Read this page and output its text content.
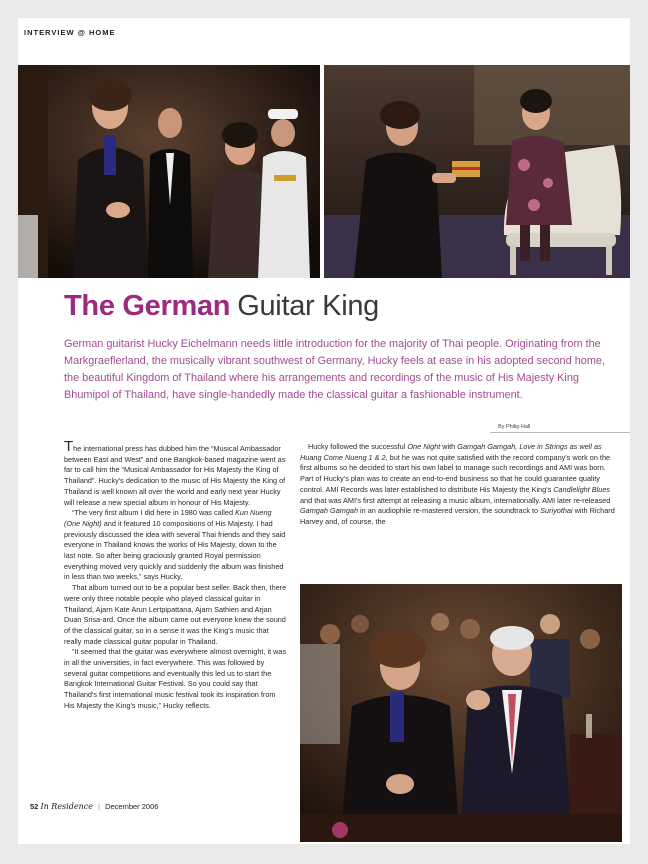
INTERVIEW @ HOME
The German Guitar King
German guitarist Hucky Eichelmann needs little introduction for the majority of Thai people. Originating from the Markgraeflerland, the musically vibrant southwest of Germany, Hucky feels at ease in his adopted second home, the beautiful Kingdom of Thailand where his arrangements and recordings of the music of His Majesty King Bhumipol of Thailand, have single-handedly made the classical guitar a fashionable instrument.
By Philip Hall

The international press has dubbed him the “Musical Ambassador between East and West” and one Bangkok-based magazine went as far to call him the “Musical Ambassador for His Majesty the King of Thailand”. Hucky's dedication to the music of His Majesty the King of Thailand is well known all over the world and early next year Hucky will release a new special album in honour of His Majesty.

“The very first album I did here in 1980 was called Kun Nueng (One Night) and it featured 10 compositions of His Majesty. I had previously discussed the idea with several Thai friends and they said everyone in Thailand knows the works of His Majesty, down to the last note. So after being graciously granted Royal permission everything moved very quickly and suddenly the album was finished in less than two weeks,” says Hucky.

That album turned out to be a popular best seller. Back then, there were only three notable people who played classical guitar in Thailand, Ajarn Kate Arun Lertpipattana, Ajarn Sathien and Arjan Duan Srisa-ard. Once the album came out everyone knew the sound of the classical guitar, so in a sense it was the King's music that really made classical guitar popular in Thailand.

“It seemed that the guitar was everywhere almost overnight, it was in all the universities, in fact everywhere. This was followed by several guitar competitions and eventually this led us to start the Bangkok International Guitar Festival. So you could say that Thailand's first international music festival took its inspiration from His Majesty the King's music,” Hucky reflects.

Hucky followed the successful One Night with Gamgah Gamgah, Love in Strings as well as Huang Come Nueng 1 & 2, but he was not quite satisfied with the record company's work on the first albums so he decided to start his own label to manage such recordings and AMI was born. Part of Hucky's plan was to create an end-to-end business so that he could guarantee quality control. AMI Records was later established to distribute His Majesty the King's Candlelight Blues and that was AMI's first attempt at releasing a music album, internationally. AMI later re-released Gamgah Gamgah in an audiophile re-mastered version, the soundtrack to Suriyothai with Richard Harvey and, of course, the

52 In Residence | December 2006
